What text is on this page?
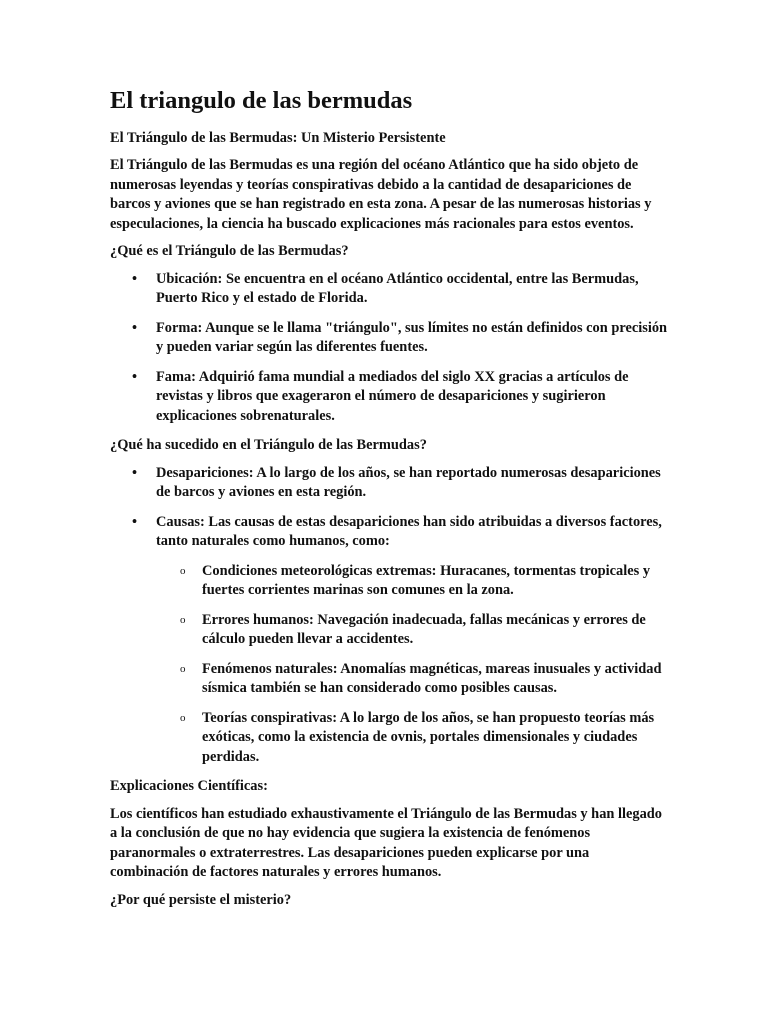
El triangulo de las bermudas

El Triángulo de las Bermudas: Un Misterio Persistente

El Triángulo de las Bermudas es una región del océano Atlántico que ha sido objeto de numerosas leyendas y teorías conspirativas debido a la cantidad de desapariciones de barcos y aviones que se han registrado en esta zona. A pesar de las numerosas historias y especulaciones, la ciencia ha buscado explicaciones más racionales para estos eventos.

¿Qué es el Triángulo de las Bermudas?

• Ubicación: Se encuentra en el océano Atlántico occidental, entre las Bermudas, Puerto Rico y el estado de Florida.
• Forma: Aunque se le llama "triángulo", sus límites no están definidos con precisión y pueden variar según las diferentes fuentes.
• Fama: Adquirió fama mundial a mediados del siglo XX gracias a artículos de revistas y libros que exageraron el número de desapariciones y sugirieron explicaciones sobrenaturales.

¿Qué ha sucedido en el Triángulo de las Bermudas?

• Desapariciones: A lo largo de los años, se han reportado numerosas desapariciones de barcos y aviones en esta región.
• Causas: Las causas de estas desapariciones han sido atribuidas a diversos factores, tanto naturales como humanos, como:
o Condiciones meteorológicas extremas: Huracanes, tormentas tropicales y fuertes corrientes marinas son comunes en la zona.
o Errores humanos: Navegación inadecuada, fallas mecánicas y errores de cálculo pueden llevar a accidentes.
o Fenómenos naturales: Anomalías magnéticas, mareas inusuales y actividad sísmica también se han considerado como posibles causas.
o Teorías conspirativas: A lo largo de los años, se han propuesto teorías más exóticas, como la existencia de ovnis, portales dimensionales y ciudades perdidas.

Explicaciones Científicas:

Los científicos han estudiado exhaustivamente el Triángulo de las Bermudas y han llegado a la conclusión de que no hay evidencia que sugiera la existencia de fenómenos paranormales o extraterrestres. Las desapariciones pueden explicarse por una combinación de factores naturales y errores humanos.

¿Por qué persiste el misterio?
